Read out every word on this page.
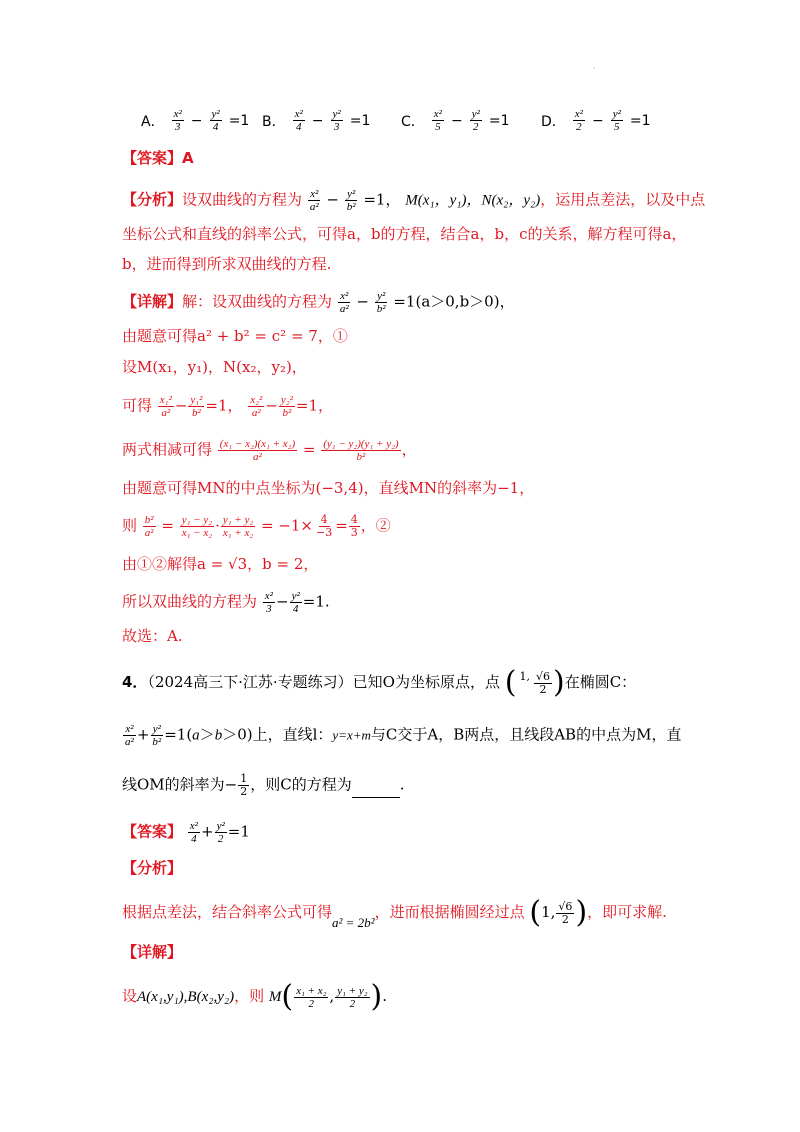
·
A． $\frac{\text{x²}}{3} - \frac{\text{y²}}{4} =1$ B． $\frac{\text{x²}}{4} - \frac{\text{y²}}{3} =1$ C． $\frac{\text{x²}}{5} - \frac{\text{y²}}{2} =1$ D． $\frac{\text{x²}}{2} - \frac{\text{y²}}{5} =1$
【答案】A
【分析】设双曲线的方程为 $\frac{\text{x²}}{\text{a²}} - \frac{\text{y²}}{\text{b²}} =1$， M(x₁，y₁)，N(x₂，y₂)，运用点差法，以及中点
坐标公式和直线的斜率公式，可得a，b的方程，结合a，b，c的关系，解方程可得a，
b，进而得到所求双曲线的方程.
【详解】解：设双曲线的方程为 $\frac{\text{x²}}{\text{a²}} - \frac{\text{y²}}{\text{b²}} =1(a>0,b>0)$，
由题意可得a² + b² = c² = 7，①
设M(x₁，y₁)，N(x₂，y₂)，
可得 $\frac{\text{x₁²}}{\text{a²}} - \frac{\text{y₁²}}{\text{b²}} =1$， $\frac{\text{x₂²}}{\text{a²}} - \frac{\text{y₂²}}{\text{b²}} =1$，
两式相减可得 $\frac{\text{(x₁ − x₂)(x₁ + x₂)}}{\text{a²}} = \frac{\text{(y₁ − y₂)(y₁ + y₂)}}{\text{b²}}$ ，
由题意可得MN的中点坐标为(−3,4)，直线MN的斜率为−1，
则 $\frac{\text{b²}}{\text{a²}} = \frac{\text{y₁ − y₂}}{\text{x₁ − x₂}} \cdot \frac{\text{y₁ + y₂}}{\text{x₁ + x₂}} = -1\times \frac{4}{-3} = \frac{4}{3}$ ，②
由①②解得a = √3，b = 2，
所以双曲线的方程为 $\frac{\text{x²}}{3} - \frac{\text{y²}}{4} =1$.
故选：A.
4．（2024高三下·江苏·专题练习）已知O为坐标原点，点 ( 1, $\frac{√6}{2}$ )在椭圆C：
$\frac{\text{x²}}{\text{a²}} + \frac{\text{y²}}{\text{b²}} =1(a>b>0)$上，直线l：y=x+m与C交于A，B两点，且线段AB的中点为M，直
线OM的斜率为− $\frac{1}{2}$ ，则C的方程为	.
【答案】 $\frac{\text{x²}}{4} + \frac{\text{y²}}{2} =1$
【分析】
根据点差法，结合斜率公式可得a² = 2b²，进而根据椭圆经过点 (1, $\frac{√6}{2}$ )，即可求解.
【详解】
设A(x₁,y₁),B(x₂,y₂)，则 $M( \frac{\text{x₁ + x₂}}{2}$ , $\frac{\text{y₁ + y₂}}{2}$ ).
